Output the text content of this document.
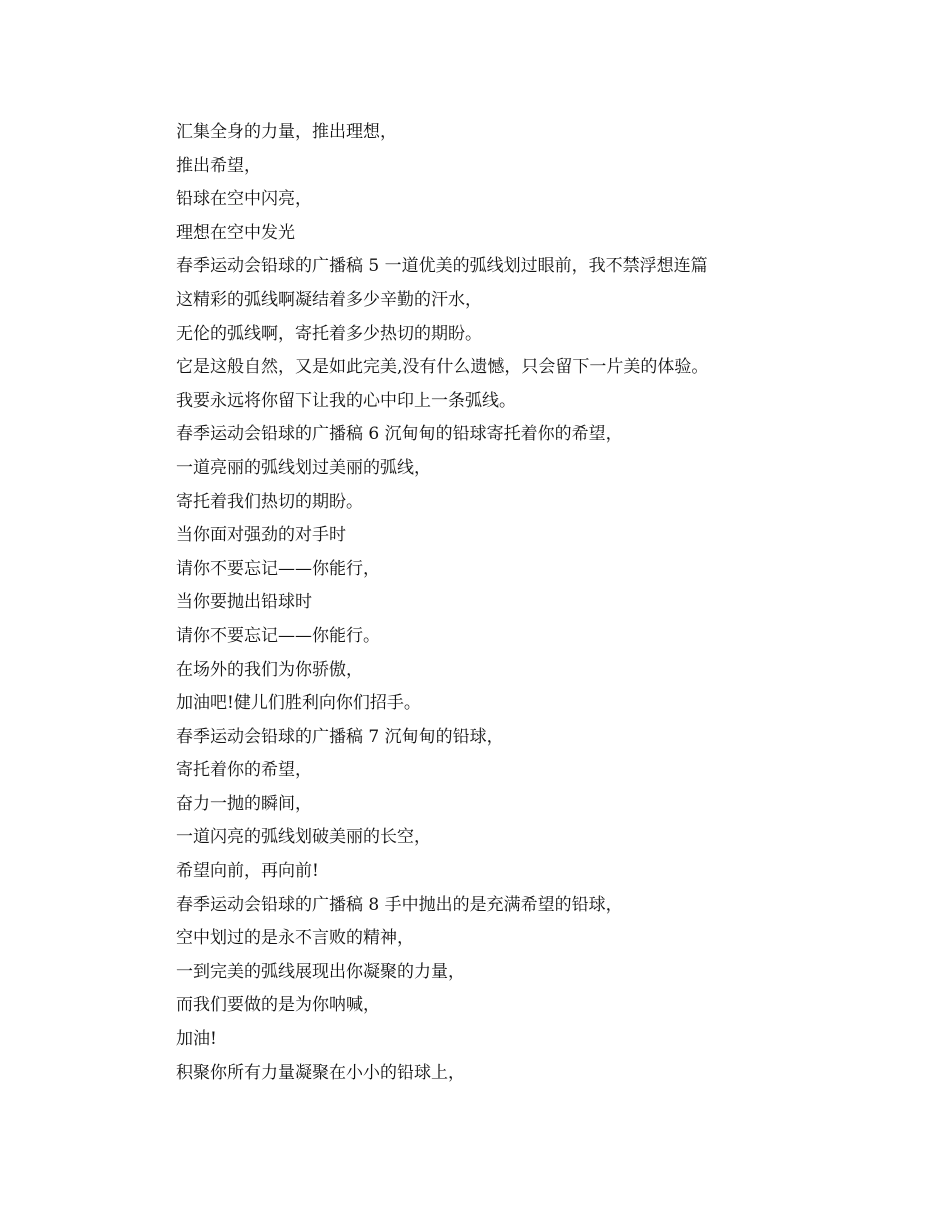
汇集全身的力量，推出理想，
推出希望，
铅球在空中闪亮，
理想在空中发光
春季运动会铅球的广播稿 5 一道优美的弧线划过眼前，我不禁浮想连篇
这精彩的弧线啊凝结着多少辛勤的汗水，
无伦的弧线啊，寄托着多少热切的期盼。
它是这般自然，又是如此完美,没有什么遗憾，只会留下一片美的体验。
我要永远将你留下让我的心中印上一条弧线。
春季运动会铅球的广播稿 6 沉甸甸的铅球寄托着你的希望，
一道亮丽的弧线划过美丽的弧线，
寄托着我们热切的期盼。
当你面对强劲的对手时
请你不要忘记——你能行，
当你要抛出铅球时
请你不要忘记——你能行。
在场外的我们为你骄傲，
加油吧!健儿们胜利向你们招手。
春季运动会铅球的广播稿 7 沉甸甸的铅球，
寄托着你的希望，
奋力一抛的瞬间，
一道闪亮的弧线划破美丽的长空，
希望向前，再向前!
春季运动会铅球的广播稿 8 手中抛出的是充满希望的铅球，
空中划过的是永不言败的精神，
一到完美的弧线展现出你凝聚的力量，
而我们要做的是为你呐喊，
加油!
积聚你所有力量凝聚在小小的铅球上，
